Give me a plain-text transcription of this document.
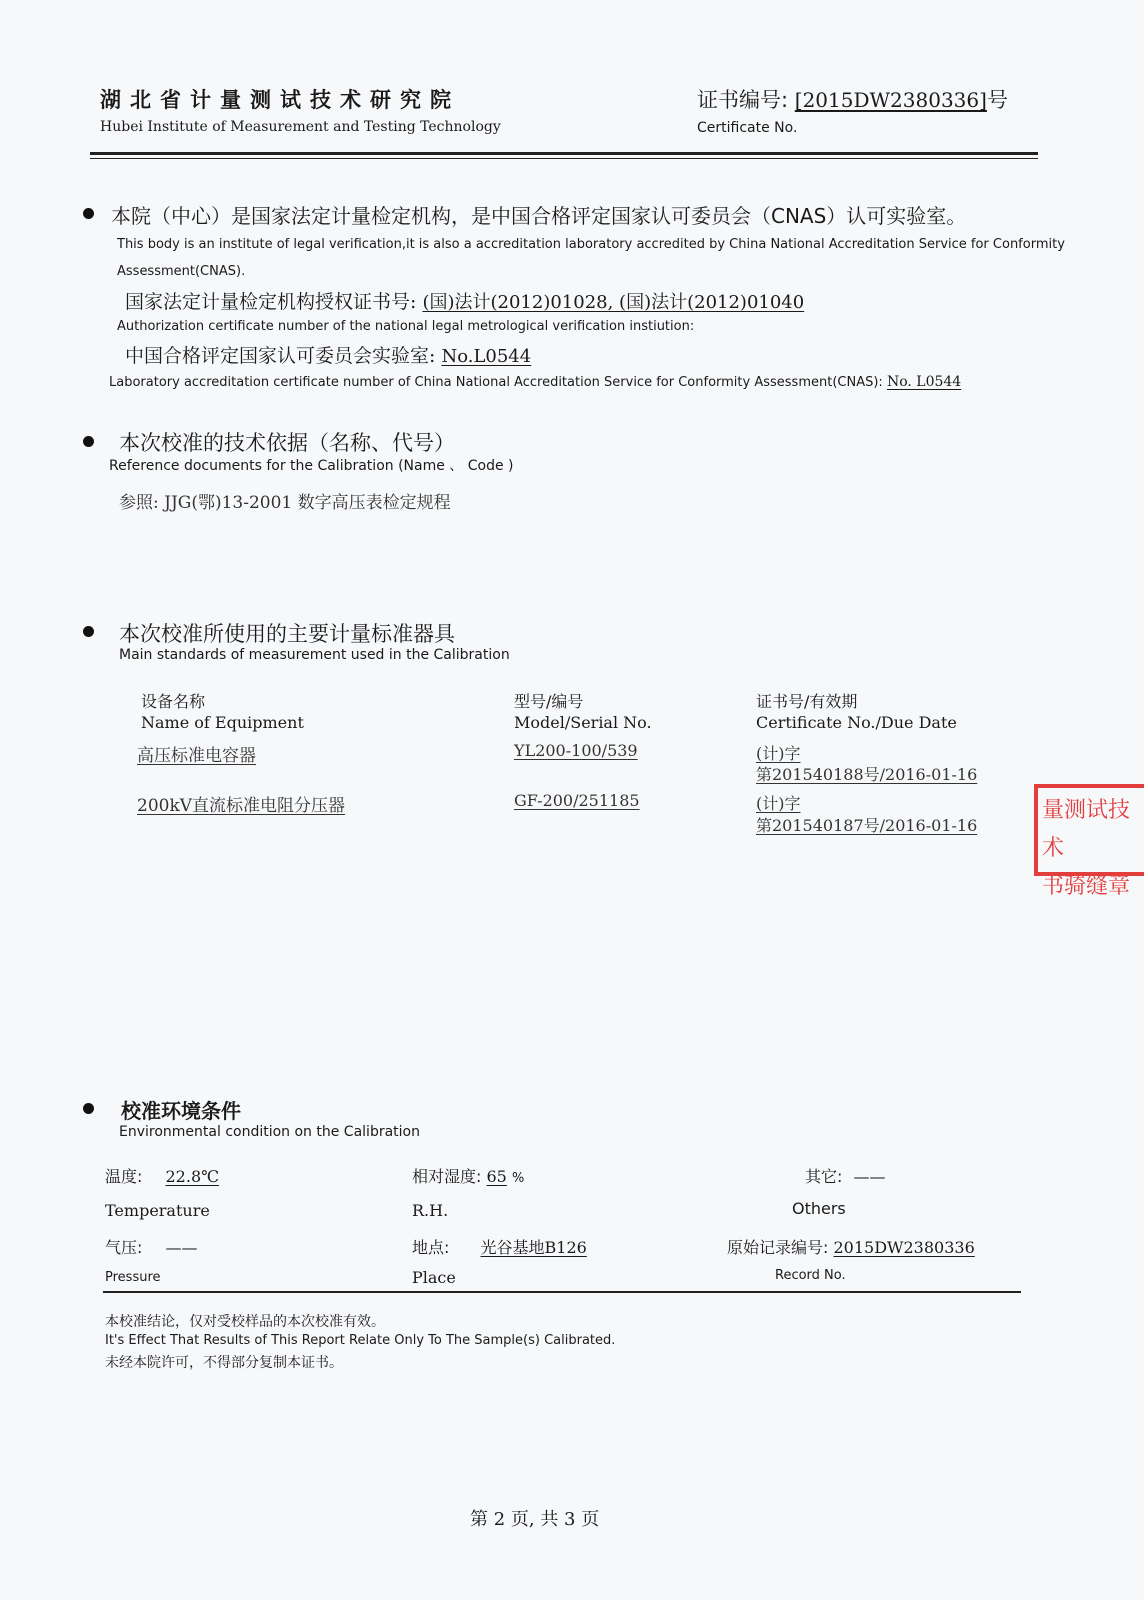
湖北省计量测试技术研究院
Hubei Institute of Measurement and Testing Technology
证书编号: [2015DW2380336]号
Certificate No.
本院（中心）是国家法定计量检定机构，是中国合格评定国家认可委员会（CNAS）认可实验室。
This body is an institute of legal verification,it is also a accreditation laboratory accredited by China National Accreditation Service for Conformity
Assessment(CNAS).
国家法定计量检定机构授权证书号: (国)法计(2012)01028, (国)法计(2012)01040
Authorization certificate number of the national legal metrological verification instiution:
中国合格评定国家认可委员会实验室: No.L0544
Laboratory accreditation certificate number of China National Accreditation Service for Conformity Assessment(CNAS): No. L0544
本次校准的技术依据（名称、代号）
Reference documents for the Calibration (Name 、 Code )
参照: JJG(鄂)13-2001 数字高压表检定规程
本次校准所使用的主要计量标准器具
Main standards of measurement used in the Calibration
设备名称	型号/编号	证书号/有效期
Name of Equipment	Model/Serial No.	Certificate No./Due Date
高压标准电容器	YL200-100/539	(计)字
第201540188号/2016-01-16
200kV直流标准电阻分压器	GF-200/251185	(计)字
第201540187号/2016-01-16
量测试技术
书骑缝章
校准环境条件
Environmental condition on the Calibration
温度: 22.8℃	相对湿度: 65 %	其它: ——
Temperature	R.H.	Others
气压: ——	地点: 光谷基地B126	原始记录编号: 2015DW2380336
Pressure	Place	Record No.
本校准结论，仅对受校样品的本次校准有效。
It's Effect That Results of This Report Relate Only To The Sample(s) Calibrated.
未经本院许可，不得部分复制本证书。
第 2 页, 共 3 页
